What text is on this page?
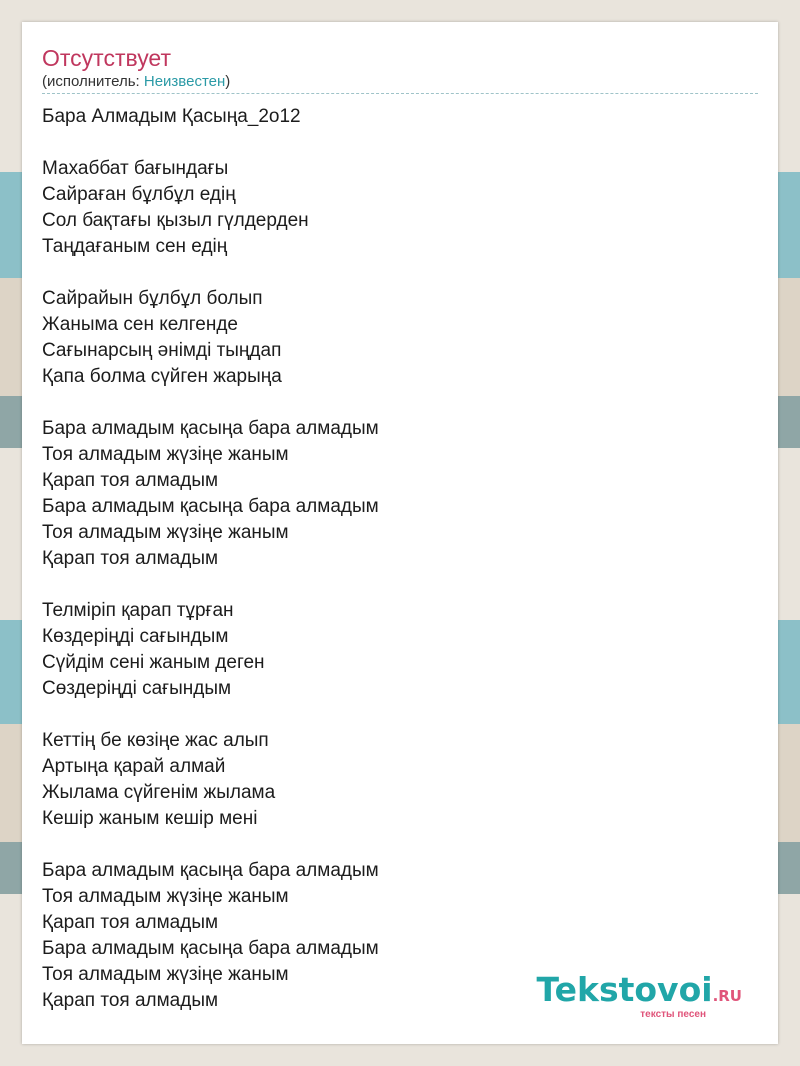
Отсутствует
(исполнитель: Неизвестен)
Бара Алмадым Қасыңа_2о12
Махаббат бағындағы
Сайраған бұлбұл едің
Сол бақтағы қызыл гүлдерден
Таңдағаным сен едің
Сайрайын бұлбұл болып
Жаныма сен келгенде
Сағынарсың әнімді тыңдап
Қапа болма сүйген жарыңа
Бара алмадым қасыңа бара алмадым
Тоя алмадым жүзіңе жаным
Қарап тоя алмадым
Бара алмадым қасыңа бара алмадым
Тоя алмадым жүзіңе жаным
Қарап тоя алмадым
Телміріп қарап тұрған
Көздеріңді сағындым
Сүйдім сені жаным деген
Сөздеріңді сағындым
Кеттің бе көзіңе жас алып
Артыңа қарай алмай
Жылама сүйгенім жылама
Кешір жаным кешір мені
Бара алмадым қасыңа бара алмадым
Тоя алмадым жүзіңе жаным
Қарап тоя алмадым
Бара алмадым қасыңа бара алмадым
Тоя алмадым жүзіңе жаным
Қарап тоя алмадым	Tekstovoi.RU
тексты песен
